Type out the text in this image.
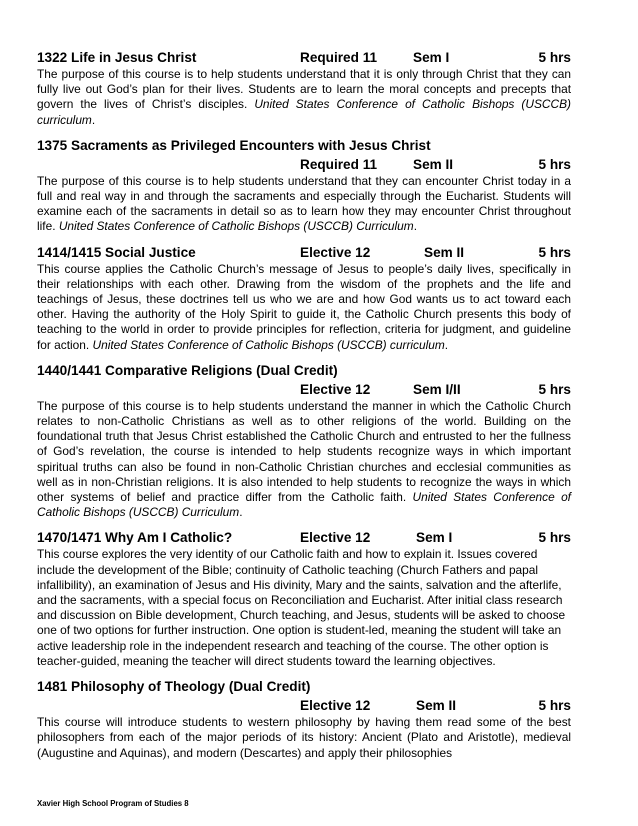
1322 Life in Jesus Christ	Required 11	Sem I	5 hrs

The purpose of this course is to help students understand that it is only through Christ that they can fully live out God’s plan for their lives. Students are to learn the moral concepts and precepts that govern the lives of Christ’s disciples. United States Conference of Catholic Bishops (USCCB) curriculum.

1375 Sacraments as Privileged Encounters with Jesus Christ
Required 11	Sem II	5 hrs

The purpose of this course is to help students understand that they can encounter Christ today in a full and real way in and through the sacraments and especially through the Eucharist. Students will examine each of the sacraments in detail so as to learn how they may encounter Christ throughout life. United States Conference of Catholic Bishops (USCCB) Curriculum.

1414/1415 Social Justice	Elective 12	Sem II	5 hrs

This course applies the Catholic Church’s message of Jesus to people’s daily lives, specifically in their relationships with each other. Drawing from the wisdom of the prophets and the life and teachings of Jesus, these doctrines tell us who we are and how God wants us to act toward each other. Having the authority of the Holy Spirit to guide it, the Catholic Church presents this body of teaching to the world in order to provide principles for reflection, criteria for judgment, and guideline for action. United States Conference of Catholic Bishops (USCCB) curriculum.

1440/1441 Comparative Religions (Dual Credit)
Elective 12	Sem I/II	5 hrs

The purpose of this course is to help students understand the manner in which the Catholic Church relates to non-Catholic Christians as well as to other religions of the world. Building on the foundational truth that Jesus Christ established the Catholic Church and entrusted to her the fullness of God’s revelation, the course is intended to help students recognize ways in which important spiritual truths can also be found in non-Catholic Christian churches and ecclesial communities as well as in non-Christian religions. It is also intended to help students to recognize the ways in which other systems of belief and practice differ from the Catholic faith. United States Conference of Catholic Bishops (USCCB) Curriculum.

1470/1471 Why Am I Catholic?	Elective 12	Sem I	5 hrs

This course explores the very identity of our Catholic faith and how to explain it. Issues covered include the development of the Bible; continuity of Catholic teaching (Church Fathers and papal infallibility), an examination of Jesus and His divinity, Mary and the saints, salvation and the afterlife, and the sacraments, with a special focus on Reconciliation and Eucharist. After initial class research and discussion on Bible development, Church teaching, and Jesus, students will be asked to choose one of two options for further instruction. One option is student-led, meaning the student will take an active leadership role in the independent research and teaching of the course. The other option is teacher-guided, meaning the teacher will direct students toward the learning objectives.

1481 Philosophy of Theology (Dual Credit)
Elective 12	Sem II	5 hrs

This course will introduce students to western philosophy by having them read some of the best philosophers from each of the major periods of its history: Ancient (Plato and Aristotle), medieval (Augustine and Aquinas), and modern (Descartes) and apply their philosophies

Xavier High School Program of Studies 8
